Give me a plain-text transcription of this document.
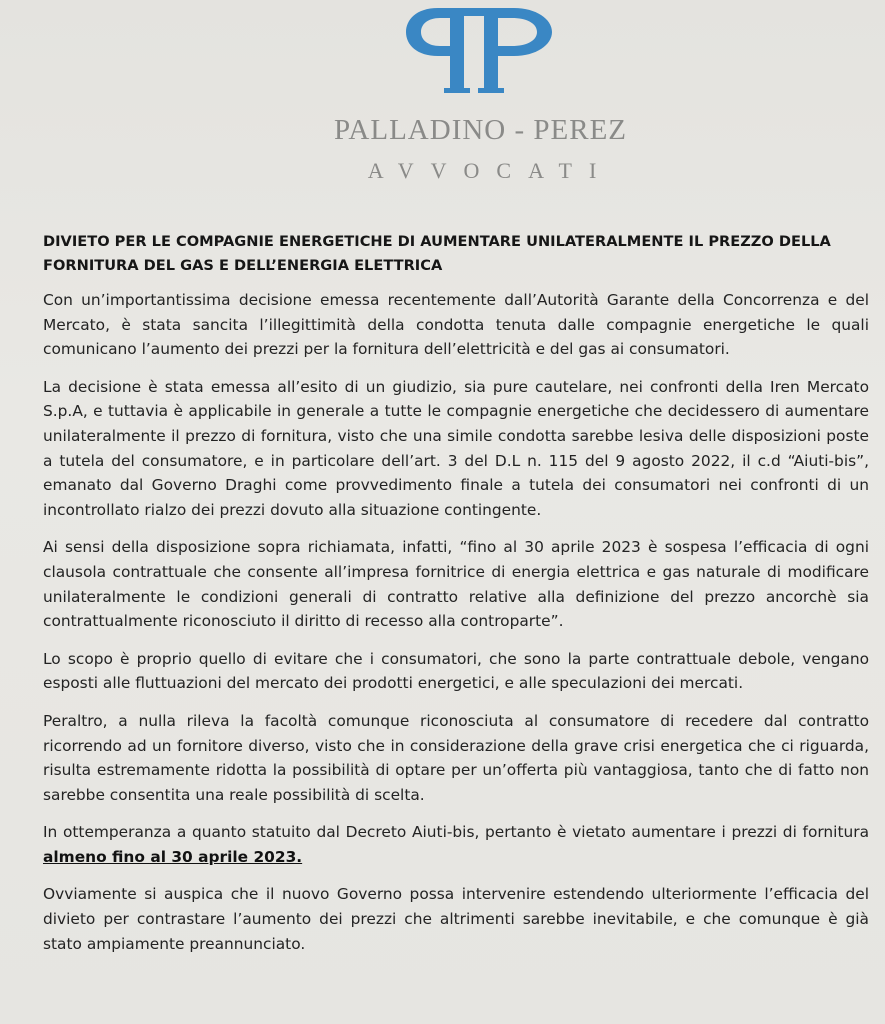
PALLADINO - PEREZ
AVVOCATI
DIVIETO PER LE COMPAGNIE ENERGETICHE DI AUMENTARE UNILATERALMENTE IL PREZZO DELLA FORNITURA DEL GAS E DELL’ENERGIA ELETTRICA

Con un’importantissima decisione emessa recentemente dall’Autorità Garante della Concorrenza e del Mercato, è stata sancita l’illegittimità della condotta tenuta dalle compagnie energetiche le quali comunicano l’aumento dei prezzi per la fornitura dell’elettricità e del gas ai consumatori.

La decisione è stata emessa all’esito di un giudizio, sia pure cautelare, nei confronti della Iren Mercato S.p.A, e tuttavia è applicabile in generale a tutte le compagnie energetiche che decidessero di aumentare unilateralmente il prezzo di fornitura, visto che una simile condotta sarebbe lesiva delle disposizioni poste a tutela del consumatore, e in particolare dell’art. 3 del D.L n. 115 del 9 agosto 2022, il c.d “Aiuti-bis”, emanato dal Governo Draghi come provvedimento finale a tutela dei consumatori nei confronti di un incontrollato rialzo dei prezzi dovuto alla situazione contingente.

Ai sensi della disposizione sopra richiamata, infatti, “fino al 30 aprile 2023 è sospesa l’efficacia di ogni clausola contrattuale che consente all’impresa fornitrice di energia elettrica e gas naturale di modificare unilateralmente le condizioni generali di contratto relative alla definizione del prezzo ancorchè sia contrattualmente riconosciuto il diritto di recesso alla controparte”.

Lo scopo è proprio quello di evitare che i consumatori, che sono la parte contrattuale debole, vengano esposti alle fluttuazioni del mercato dei prodotti energetici, e alle speculazioni dei mercati.

Peraltro, a nulla rileva la facoltà comunque riconosciuta al consumatore di recedere dal contratto ricorrendo ad un fornitore diverso, visto che in considerazione della grave crisi energetica che ci riguarda, risulta estremamente ridotta la possibilità di optare per un’offerta più vantaggiosa, tanto che di fatto non sarebbe consentita una reale possibilità di scelta.

In ottemperanza a quanto statuito dal Decreto Aiuti-bis, pertanto è vietato aumentare i prezzi di fornitura almeno fino al 30 aprile 2023.

Ovviamente si auspica che il nuovo Governo possa intervenire estendendo ulteriormente l’efficacia del divieto per contrastare l’aumento dei prezzi che altrimenti sarebbe inevitabile, e che comunque è già stato ampiamente preannunciato.
